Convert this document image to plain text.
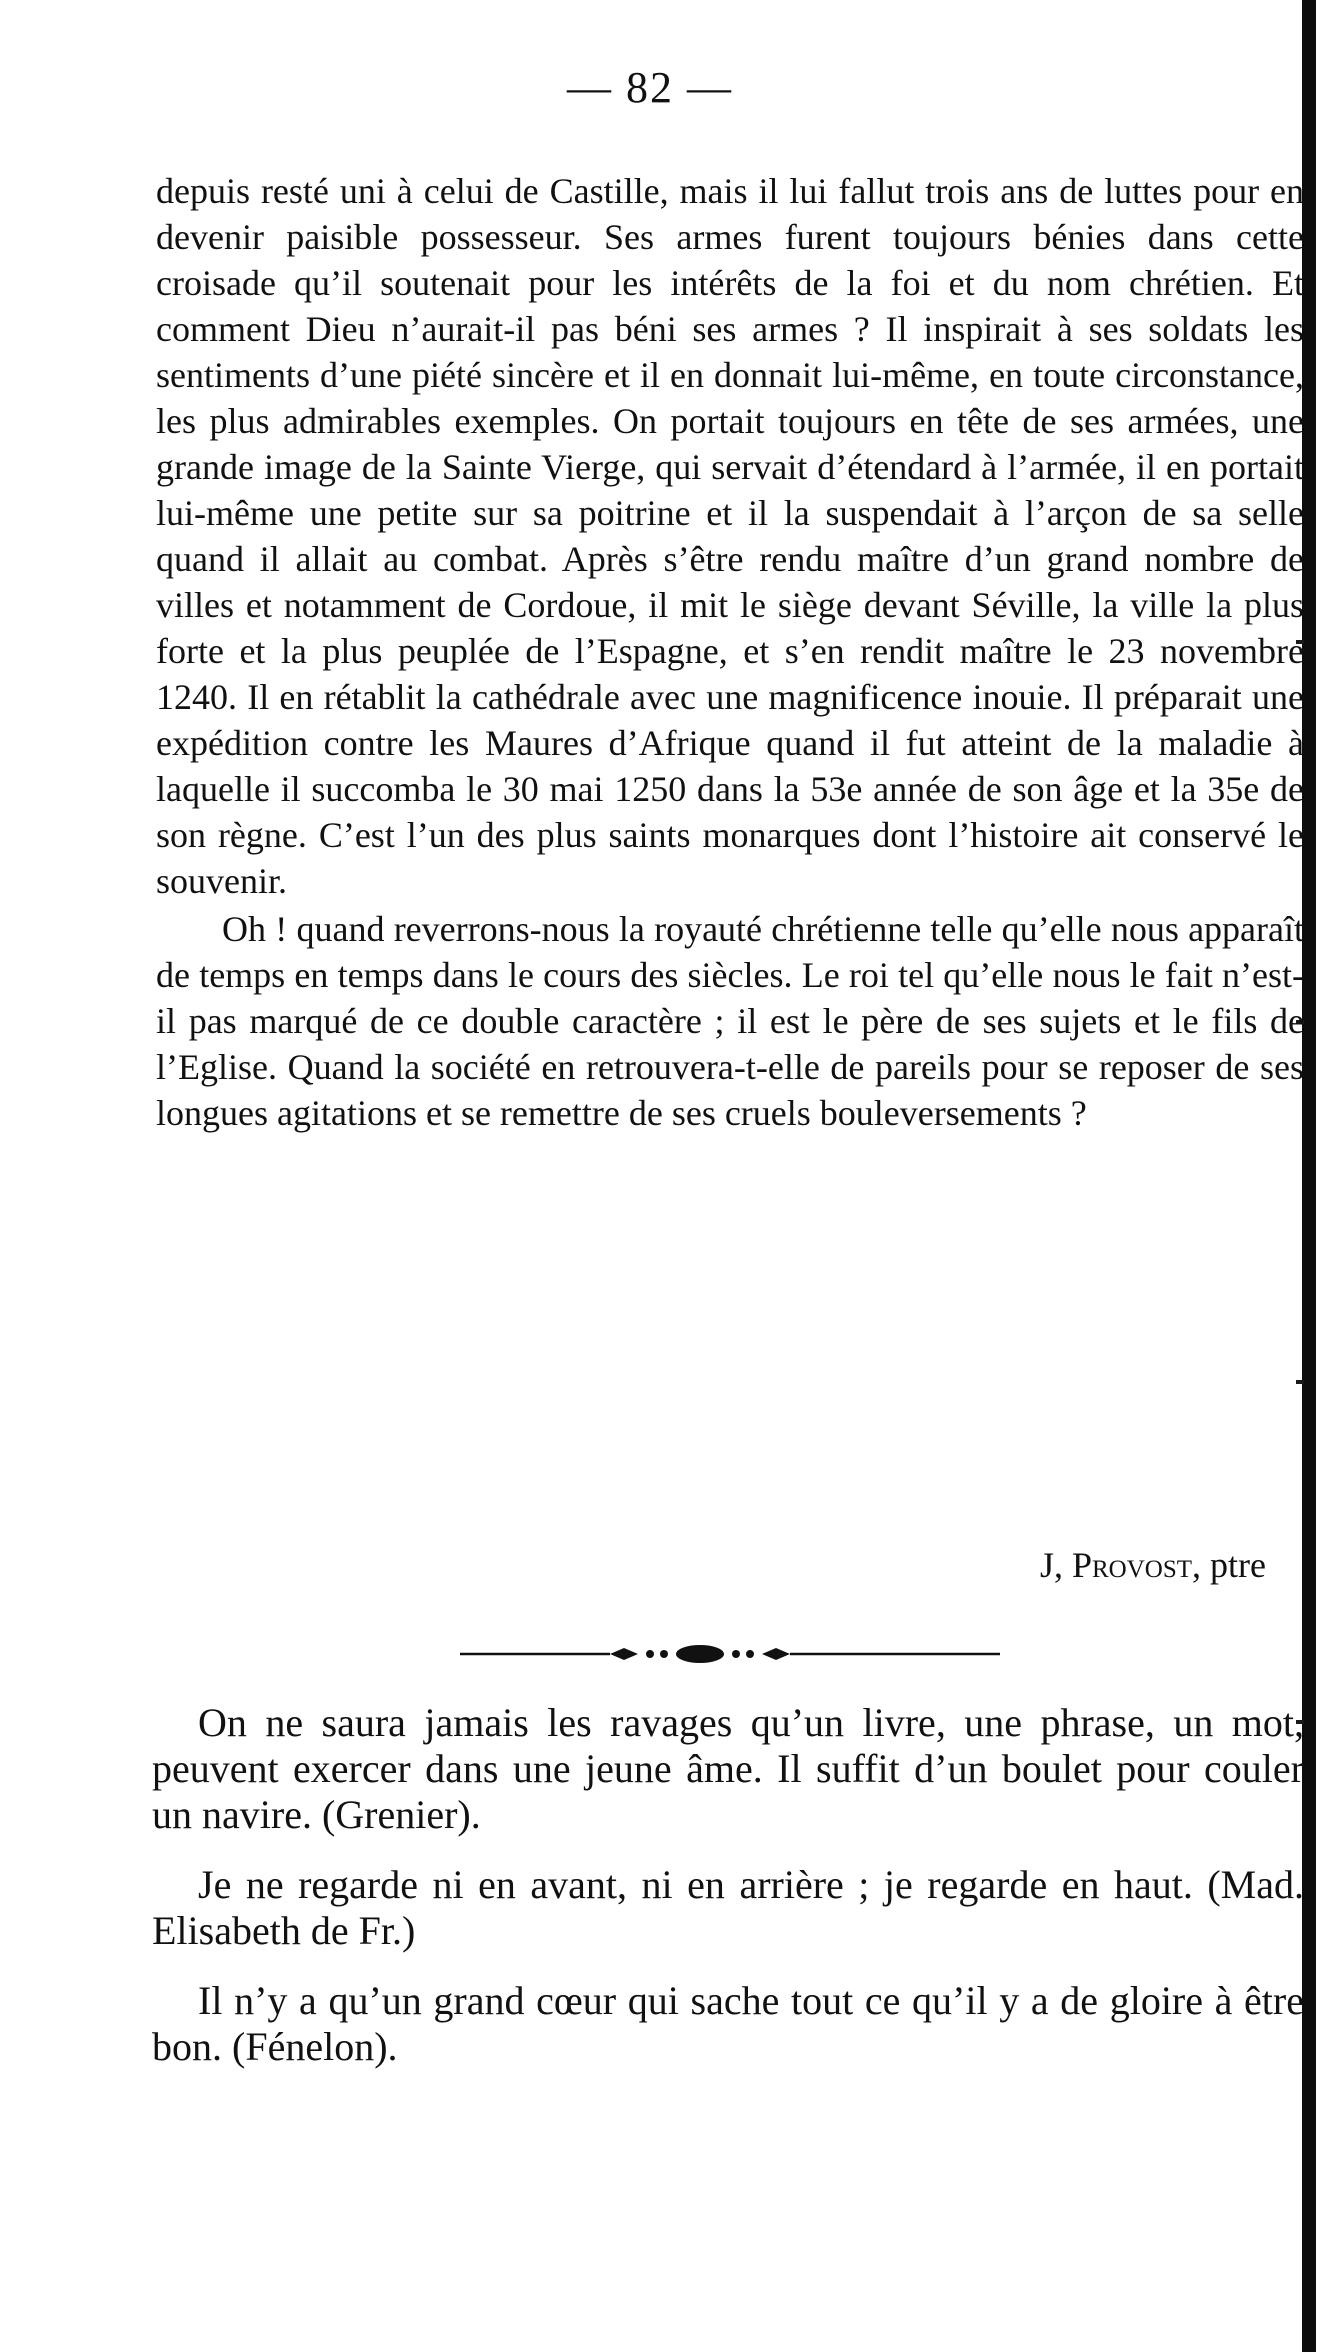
— 82 —

depuis resté uni à celui de Castille, mais il lui fallut trois ans de luttes pour en devenir paisible possesseur. Ses armes furent toujours bénies dans cette croisade qu’il soutenait pour les intérêts de la foi et du nom chrétien. Et comment Dieu n’aurait-il pas béni ses armes ? Il inspirait à ses soldats les sentiments d’une piété sincère et il en donnait lui-même, en toute circonstance, les plus admirables exemples. On portait toujours en tête de ses armées, une grande image de la Sainte Vierge, qui servait d’étendard à l’armée, il en portait lui-même une petite sur sa poitrine et il la suspendait à l’arçon de sa selle quand il allait au combat. Après s’être rendu maître d’un grand nombre de villes et notamment de Cordoue, il mit le siège devant Séville, la ville la plus forte et la plus peuplée de l’Espagne, et s’en rendit maître le 23 novembre 1240. Il en rétablit la cathédrale avec une magnificence inouie. Il préparait une expédition contre les Maures d’Afrique quand il fut atteint de la maladie à laquelle il succomba le 30 mai 1250 dans la 53e année de son âge et la 35e de son règne. C’est l’un des plus saints monarques dont l’histoire ait conservé le souvenir.

Oh ! quand reverrons-nous la royauté chrétienne telle qu’elle nous apparaît de temps en temps dans le cours des siècles. Le roi tel qu’elle nous le fait n’est-il pas marqué de ce double caractère ; il est le père de ses sujets et le fils de l’Eglise. Quand la société en retrouvera-t-elle de pareils pour se reposer de ses longues agitations et se remettre de ses cruels bouleversements ?

J, Provost, ptre

On ne saura jamais les ravages qu’un livre, une phrase, un mot, peuvent exercer dans une jeune âme. Il suffit d’un boulet pour couler un navire. (Grenier).

Je ne regarde ni en avant, ni en arrière ; je regarde en haut. (Mad. Elisabeth de Fr.)

Il n’y a qu’un grand cœur qui sache tout ce qu’il y a de gloire à être bon. (Fénelon).
